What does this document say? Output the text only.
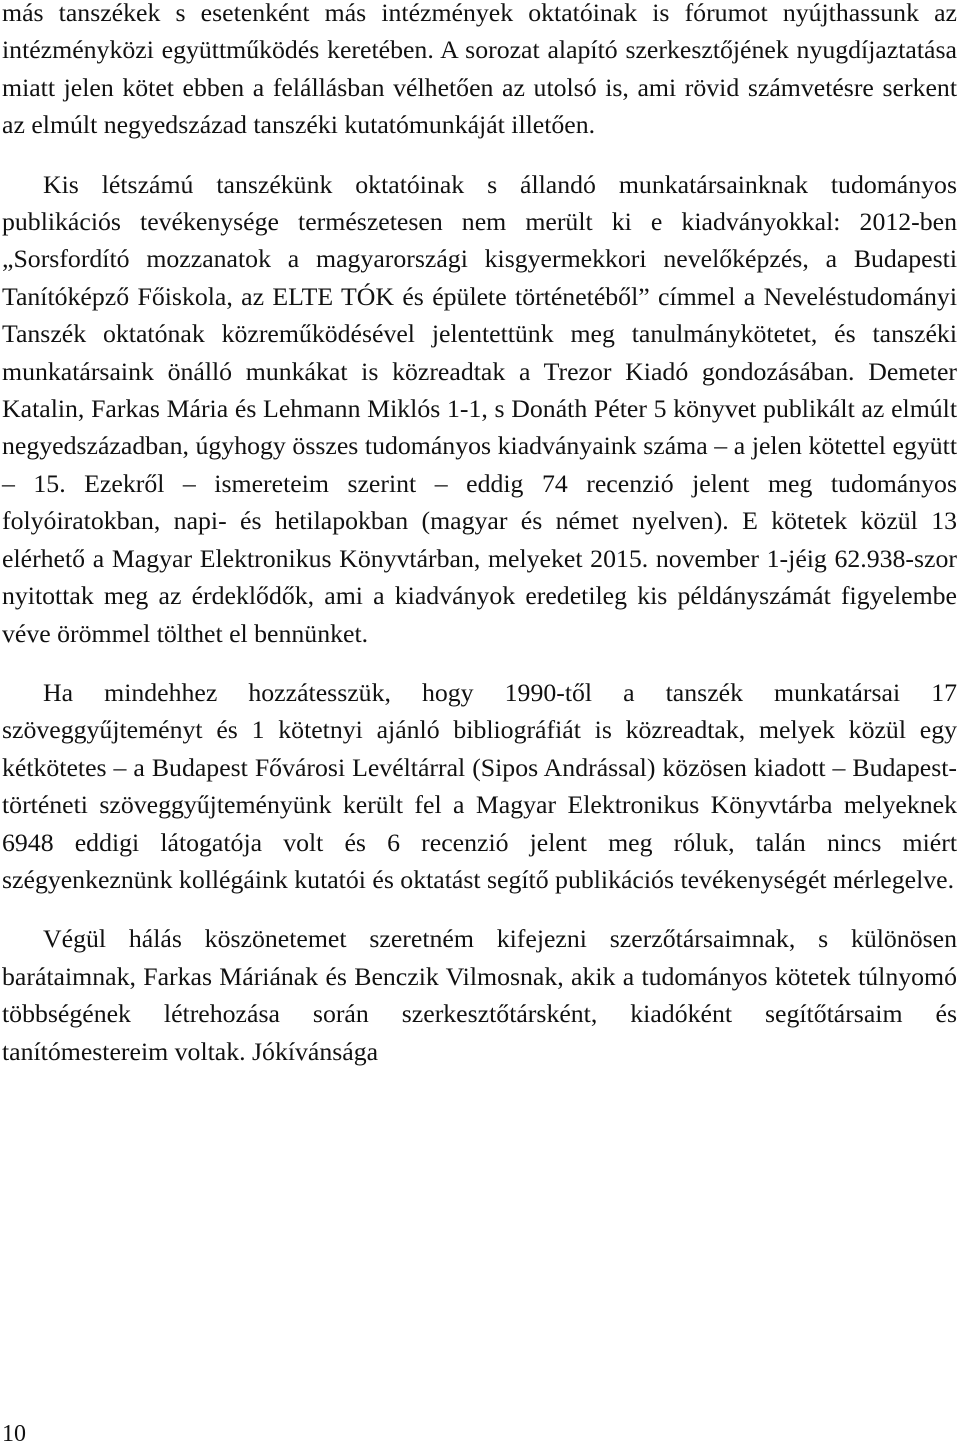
más tanszékek s esetenként más intézmények oktatóinak is fórumot nyújthassunk az intézményközi együttműködés keretében. A sorozat alapító szerkesztőjének nyugdíjaztatása miatt jelen kötet ebben a felállásban vélhetően az utolsó is, ami rövid számvetésre serkent az elmúlt negyedszázad tanszéki kutatómunkáját illetően.

Kis létszámú tanszékünk oktatóinak s állandó munkatársainknak tudományos publikációs tevékenysége természetesen nem merült ki e kiadványokkal: 2012-ben „Sorsfordító mozzanatok a magyarországi kisgyermekkori nevelőképzés, a Budapesti Tanítóképző Főiskola, az ELTE TÓK és épülete történetéből” címmel a Neveléstudományi Tanszék oktatónak közreműködésével jelentettünk meg tanulmánykötetet, és tanszéki munkatársaink önálló munkákat is közreadtak a Trezor Kiadó gondozásában. Demeter Katalin, Farkas Mária és Lehmann Miklós 1-1, s Donáth Péter 5 könyvet publikált az elmúlt negyedszázadban, úgyhogy összes tudományos kiadványaink száma – a jelen kötettel együtt – 15. Ezekről – ismereteim szerint – eddig 74 recenzió jelent meg tudományos folyóiratokban, napi- és hetilapokban (magyar és német nyelven). E kötetek közül 13 elérhető a Magyar Elektronikus Könyvtárban, melyeket 2015. november 1-jéig 62.938-szor nyitottak meg az érdeklődők, ami a kiadványok eredetileg kis példányszámát figyelembe véve örömmel tölthet el bennünket.

Ha mindehhez hozzátesszük, hogy 1990-től a tanszék munkatársai 17 szöveggyűjteményt és 1 kötetnyi ajánló bibliográfiát is közreadtak, melyek közül egy kétkötetes – a Budapest Fővárosi Levéltárral (Sipos Andrással) közösen kiadott – Budapest-történeti szöveggyűjteményünk került fel a Magyar Elektronikus Könyvtárba melyeknek 6948 eddigi látogatója volt és 6 recenzió jelent meg róluk, talán nincs miért szégyenkeznünk kollégáink kutatói és oktatást segítő publikációs tevékenységét mérlegelve.

Végül hálás köszönetemet szeretném kifejezni szerzőtársaimnak, s különösen barátaimnak, Farkas Máriának és Benczik Vilmosnak, akik a tudományos kötetek túlnyomó többségének létrehozása során szerkesztőtársként, kiadóként segítőtársaim és tanítómestereim voltak. Jókívánsága

10
